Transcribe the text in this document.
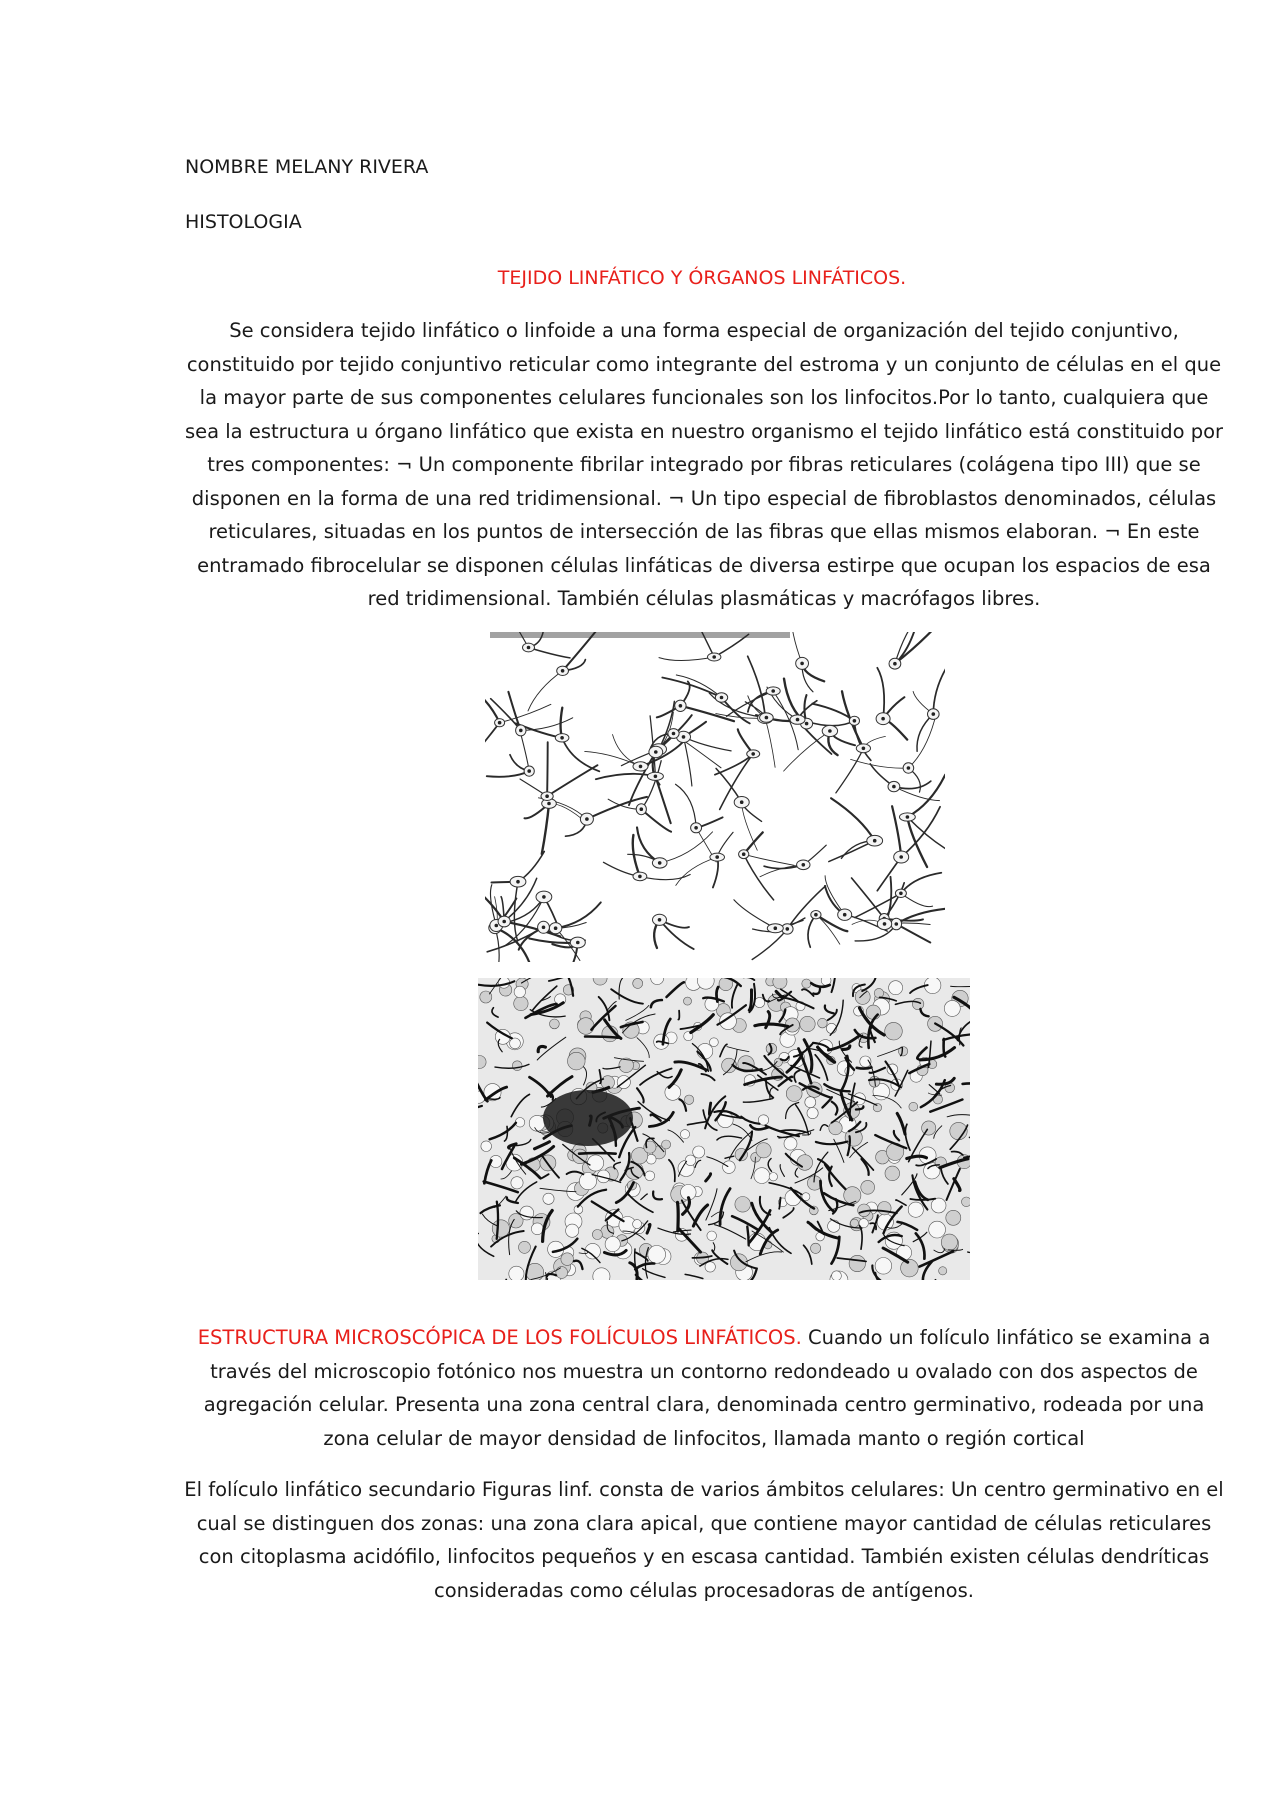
NOMBRE MELANY RIVERA
HISTOLOGIA
TEJIDO LINFÁTICO Y ÓRGANOS LINFÁTICOS.
Se considera tejido linfático o linfoide a una forma especial de organización del tejido conjuntivo, constituido por tejido conjuntivo reticular como integrante del estroma y un conjunto de células en el que la mayor parte de sus componentes celulares funcionales son los linfocitos.Por lo tanto, cualquiera que sea la estructura u órgano linfático que exista en nuestro organismo el tejido linfático está constituido por tres componentes: ¬ Un componente fibrilar integrado por fibras reticulares (colágena tipo III) que se disponen en la forma de una red tridimensional. ¬ Un tipo especial de fibroblastos denominados, células reticulares, situadas en los puntos de intersección de las fibras que ellas mismos elaboran. ¬ En este entramado fibrocelular se disponen células linfáticas de diversa estirpe que ocupan los espacios de esa red tridimensional. También células plasmáticas y macrófagos libres.
ESTRUCTURA MICROSCÓPICA DE LOS FOLÍCULOS LINFÁTICOS. Cuando un folículo linfático se examina a través del microscopio fotónico nos muestra un contorno redondeado u ovalado con dos aspectos de agregación celular. Presenta una zona central clara, denominada centro germinativo, rodeada por una zona celular de mayor densidad de linfocitos, llamada manto o región cortical
El folículo linfático secundario Figuras linf. consta de varios ámbitos celulares: Un centro germinativo en el cual se distinguen dos zonas: una zona clara apical, que contiene mayor cantidad de células reticulares con citoplasma acidófilo, linfocitos pequeños y en escasa cantidad. También existen células dendríticas consideradas como células procesadoras de antígenos.
